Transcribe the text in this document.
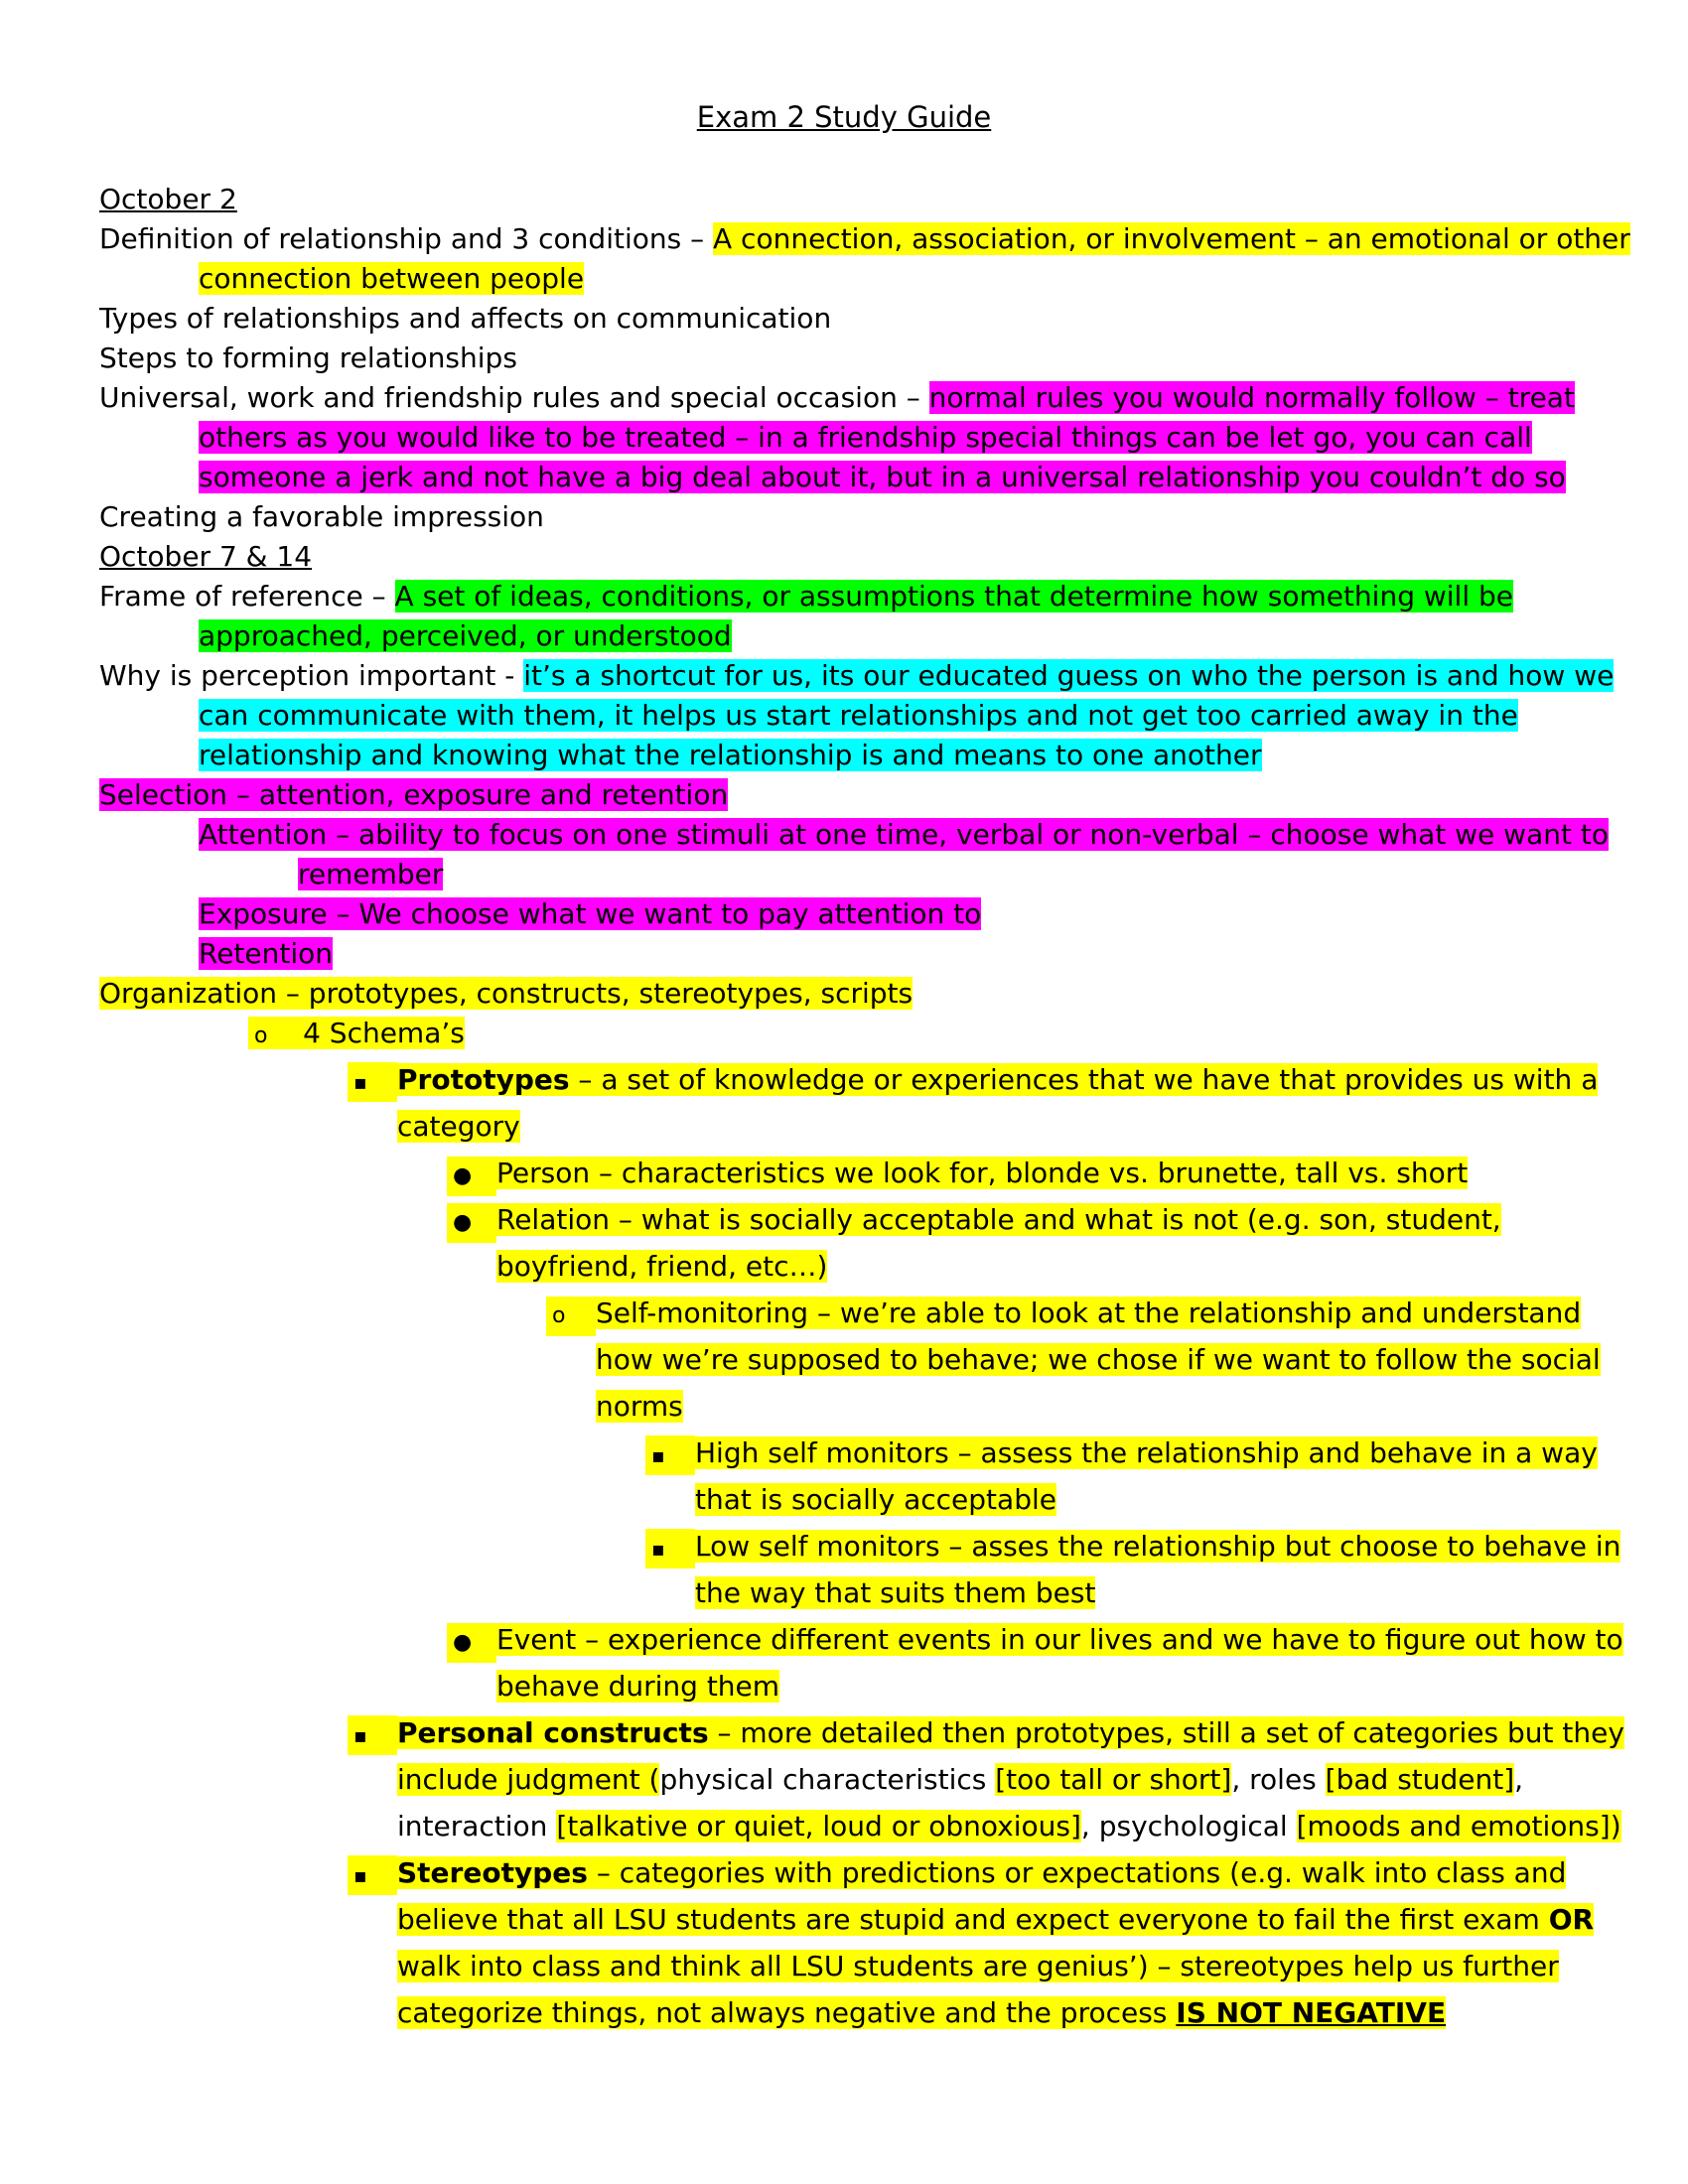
Exam 2 Study Guide
October 2
Definition of relationship and 3 conditions – A connection, association, or involvement – an emotional or other
connection between people
Types of relationships and affects on communication
Steps to forming relationships
Universal, work and friendship rules and special occasion – normal rules you would normally follow – treat
others as you would like to be treated – in a friendship special things can be let go, you can call
someone a jerk and not have a big deal about it, but in a universal relationship you couldn’t do so
Creating a favorable impression
October 7 & 14
Frame of reference – A set of ideas, conditions, or assumptions that determine how something will be
approached, perceived, or understood
Why is perception important - it’s a shortcut for us, its our educated guess on who the person is and how we
can communicate with them, it helps us start relationships and not get too carried away in the
relationship and knowing what the relationship is and means to one another
Selection – attention, exposure and retention
Attention – ability to focus on one stimuli at one time, verbal or non-verbal – choose what we want to
remember
Exposure – We choose what we want to pay attention to
Retention
Organization – prototypes, constructs, stereotypes, scripts
o 4 Schema’s
▪ Prototypes – a set of knowledge or experiences that we have that provides us with a
category
● Person – characteristics we look for, blonde vs. brunette, tall vs. short
● Relation – what is socially acceptable and what is not (e.g. son, student,
boyfriend, friend, etc…)
o Self-monitoring – we’re able to look at the relationship and understand
how we’re supposed to behave; we chose if we want to follow the social
norms
▪ High self monitors – assess the relationship and behave in a way
that is socially acceptable
▪ Low self monitors – asses the relationship but choose to behave in
the way that suits them best
● Event – experience different events in our lives and we have to figure out how to
behave during them
▪ Personal constructs – more detailed then prototypes, still a set of categories but they
include judgment (physical characteristics [too tall or short], roles [bad student],
interaction [talkative or quiet, loud or obnoxious], psychological [moods and emotions])
▪ Stereotypes – categories with predictions or expectations (e.g. walk into class and
believe that all LSU students are stupid and expect everyone to fail the first exam OR
walk into class and think all LSU students are genius’) – stereotypes help us further
categorize things, not always negative and the process IS NOT NEGATIVE
